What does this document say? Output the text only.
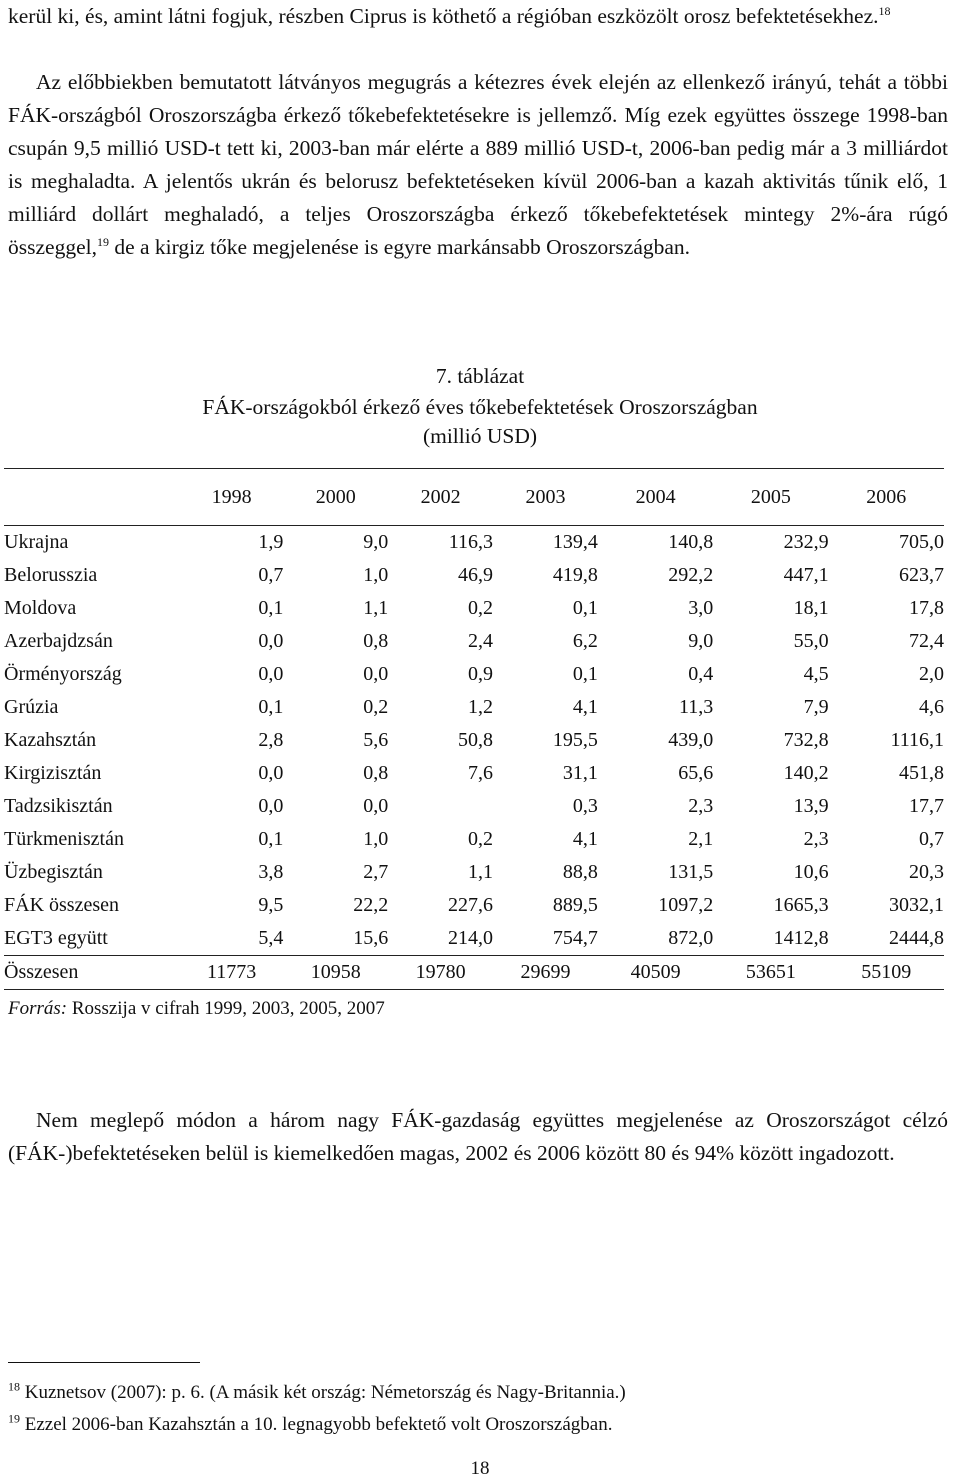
kerül ki, és, amint látni fogjuk, részben Ciprus is köthető a régióban eszközölt orosz befektetésekhez.$^{18}$

Az előbbiekben bemutatott látványos megugrás a kétezres évek elején az ellenkező irányú, tehát a többi FÁK-országból Oroszországba érkező tőkebefektetésekre is jellemző. Míg ezek együttes összege 1998-ban csupán 9,5 millió USD-t tett ki, 2003-ban már elérte a 889 millió USD-t, 2006-ban pedig már a 3 milliárdot is meghaladta. A jelentős ukrán és belorusz befektetéseken kívül 2006-ban a kazah aktivitás tűnik elő, 1 milliárd dollárt meghaladó, a teljes Oroszországba érkező tőkebefektetések mintegy 2%-ára rúgó összeggel,$^{19}$ de a kirgiz tőke megjelenése is egyre markánsabb Oroszországban.

7. táblázat
FÁK-országokból érkező éves tőkebefektetések Oroszországban
(millió USD)
	1998	2000	2002	2003	2004	2005	2006
Ukrajna	1,9	9,0	116,3	139,4	140,8	232,9	705,0
Belorusszia	0,7	1,0	46,9	419,8	292,2	447,1	623,7
Moldova	0,1	1,1	0,2	0,1	3,0	18,1	17,8
Azerbajdzsán	0,0	0,8	2,4	6,2	9,0	55,0	72,4
Örményország	0,0	0,0	0,9	0,1	0,4	4,5	2,0
Grúzia	0,1	0,2	1,2	4,1	11,3	7,9	4,6
Kazahsztán	2,8	5,6	50,8	195,5	439,0	732,8	1116,1
Kirgizisztán	0,0	0,8	7,6	31,1	65,6	140,2	451,8
Tadzsikisztán	0,0	0,0		0,3	2,3	13,9	17,7
Türkmenisztán	0,1	1,0	0,2	4,1	2,1	2,3	0,7
Üzbegisztán	3,8	2,7	1,1	88,8	131,5	10,6	20,3
FÁK összesen	9,5	22,2	227,6	889,5	1097,2	1665,3	3032,1
EGT3 együtt	5,4	15,6	214,0	754,7	872,0	1412,8	2444,8
Összesen	11773	10958	19780	29699	40509	53651	55109
Forrás: Rosszija v cifrah 1999, 2003, 2005, 2007

Nem meglepő módon a három nagy FÁK-gazdaság együttes megjelenése az Oroszországot célzó (FÁK-)befektetéseken belül is kiemelkedően magas, 2002 és 2006 között 80 és 94% között ingadozott.

$^{18}$ Kuznetsov (2007): p. 6. (A másik két ország: Németország és Nagy-Britannia.)
$^{19}$ Ezzel 2006-ban Kazahsztán a 10. legnagyobb befektető volt Oroszországban.
18
